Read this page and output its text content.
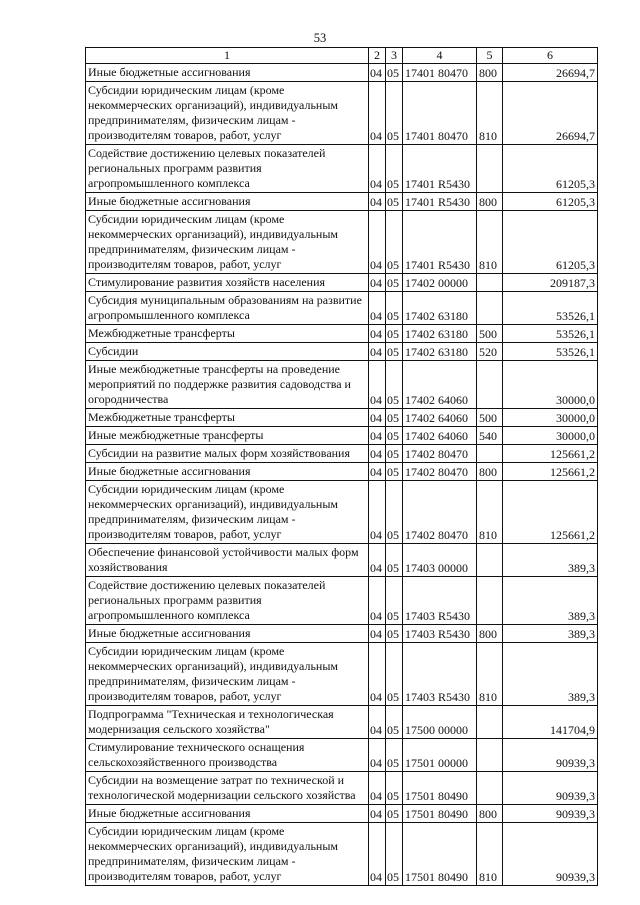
53
1	2	3	4	5	6
Иные бюджетные ассигнования	04	05	17401 80470	800	26694,7
Субсидии юридическим лицам (кроме некоммерческих организаций), индивидуальным предпринимателям, физическим лицам - производителям товаров, работ, услуг	04	05	17401 80470	810	26694,7
Содействие достижению целевых показателей региональных программ развития агропромышленного комплекса	04	05	17401 R5430		61205,3
Иные бюджетные ассигнования	04	05	17401 R5430	800	61205,3
Субсидии юридическим лицам (кроме некоммерческих организаций), индивидуальным предпринимателям, физическим лицам - производителям товаров, работ, услуг	04	05	17401 R5430	810	61205,3
Стимулирование развития хозяйств населения	04	05	17402 00000		209187,3
Субсидия муниципальным образованиям на развитие агропромышленного комплекса	04	05	17402 63180		53526,1
Межбюджетные трансферты	04	05	17402 63180	500	53526,1
Субсидии	04	05	17402 63180	520	53526,1
Иные межбюджетные трансферты на проведение мероприятий по поддержке развития садоводства и огородничества	04	05	17402 64060		30000,0
Межбюджетные трансферты	04	05	17402 64060	500	30000,0
Иные межбюджетные трансферты	04	05	17402 64060	540	30000,0
Субсидии на развитие малых форм хозяйствования	04	05	17402 80470		125661,2
Иные бюджетные ассигнования	04	05	17402 80470	800	125661,2
Субсидии юридическим лицам (кроме некоммерческих организаций), индивидуальным предпринимателям, физическим лицам - производителям товаров, работ, услуг	04	05	17402 80470	810	125661,2
Обеспечение финансовой устойчивости малых форм хозяйствования	04	05	17403 00000		389,3
Содействие достижению целевых показателей региональных программ развития агропромышленного комплекса	04	05	17403 R5430		389,3
Иные бюджетные ассигнования	04	05	17403 R5430	800	389,3
Субсидии юридическим лицам (кроме некоммерческих организаций), индивидуальным предпринимателям, физическим лицам - производителям товаров, работ, услуг	04	05	17403 R5430	810	389,3
Подпрограмма "Техническая и технологическая модернизация сельского хозяйства"	04	05	17500 00000		141704,9
Стимулирование технического оснащения сельскохозяйственного производства	04	05	17501 00000		90939,3
Субсидии на возмещение затрат по технической и технологической модернизации сельского хозяйства	04	05	17501 80490		90939,3
Иные бюджетные ассигнования	04	05	17501 80490	800	90939,3
Субсидии юридическим лицам (кроме некоммерческих организаций), индивидуальным предпринимателям, физическим лицам - производителям товаров, работ, услуг	04	05	17501 80490	810	90939,3
